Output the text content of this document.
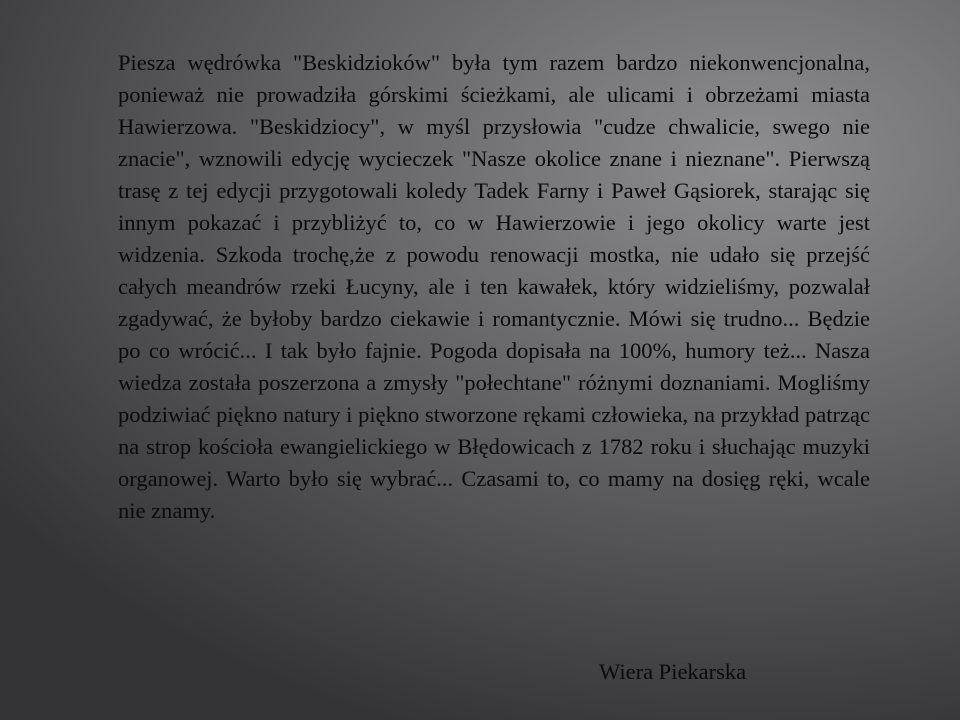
Piesza wędrówka "Beskidzioków" była tym razem bardzo niekonwencjonalna, ponieważ nie prowadziła górskimi ścieżkami, ale ulicami i obrzeżami miasta Hawierzowa. "Beskidziocy", w myśl przysłowia "cudze chwalicie, swego nie znacie", wznowili edycję wycieczek "Nasze okolice znane i nieznane". Pierwszą trasę z tej edycji przygotowali koledy Tadek Farny i Paweł Gąsiorek, starając się innym pokazać i przybliżyć to, co w Hawierzowie i jego okolicy warte jest widzenia. Szkoda trochę,że z powodu renowacji mostka, nie udało się przejść całych meandrów rzeki Łucyny, ale i ten kawałek, który widzieliśmy, pozwalał zgadywać, że byłoby bardzo ciekawie i romantycznie. Mówi się trudno... Będzie po co wrócić... I tak było fajnie. Pogoda dopisała na 100%, humory też... Nasza wiedza została poszerzona a zmysły "połechtane" różnymi doznaniami. Mogliśmy podziwiać piękno natury i piękno stworzone rękami człowieka, na przykład patrząc na strop kościoła ewangielickiego w Błędowicach z 1782 roku i słuchając muzyki organowej. Warto było się wybrać... Czasami to, co mamy na dosięg ręki, wcale nie znamy.

Wiera Piekarska
